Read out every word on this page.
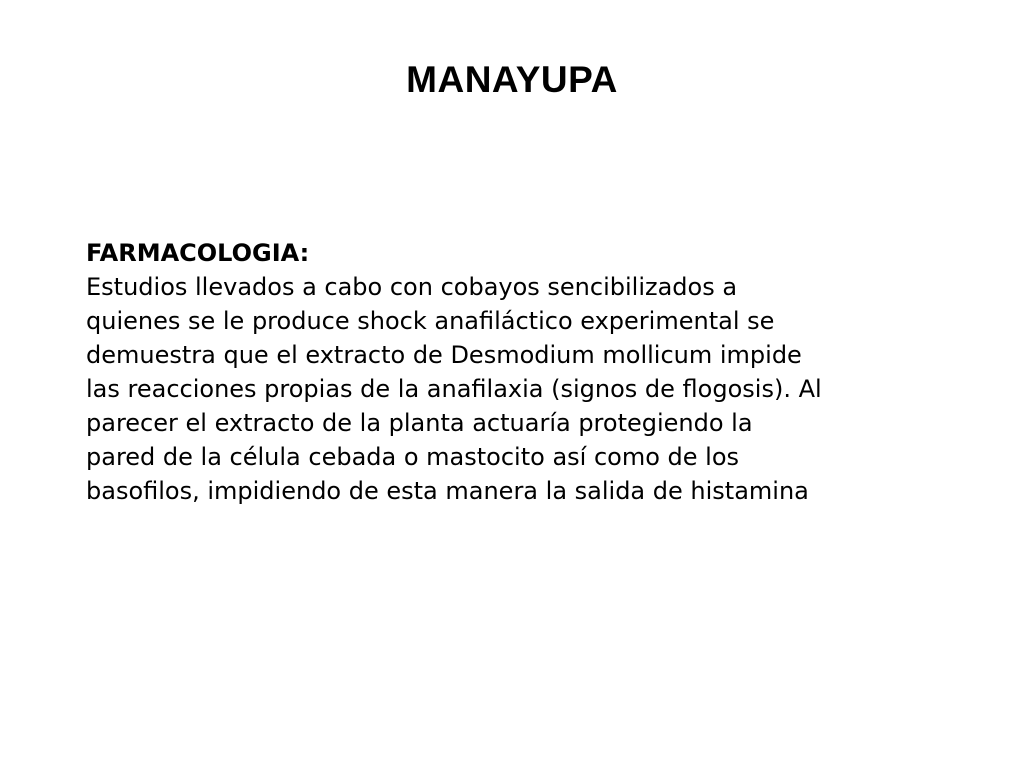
MANAYUPA
FARMACOLOGIA:
Estudios llevados a cabo con cobayos sencibilizados a
quienes se le produce shock anafiláctico experimental se
demuestra que el extracto de Desmodium mollicum impide
las reacciones propias de la anafilaxia (signos de flogosis). Al
parecer el extracto de la planta actuaría protegiendo la
pared de la célula cebada o mastocito así como de los
basofilos, impidiendo de esta manera la salida de histamina
